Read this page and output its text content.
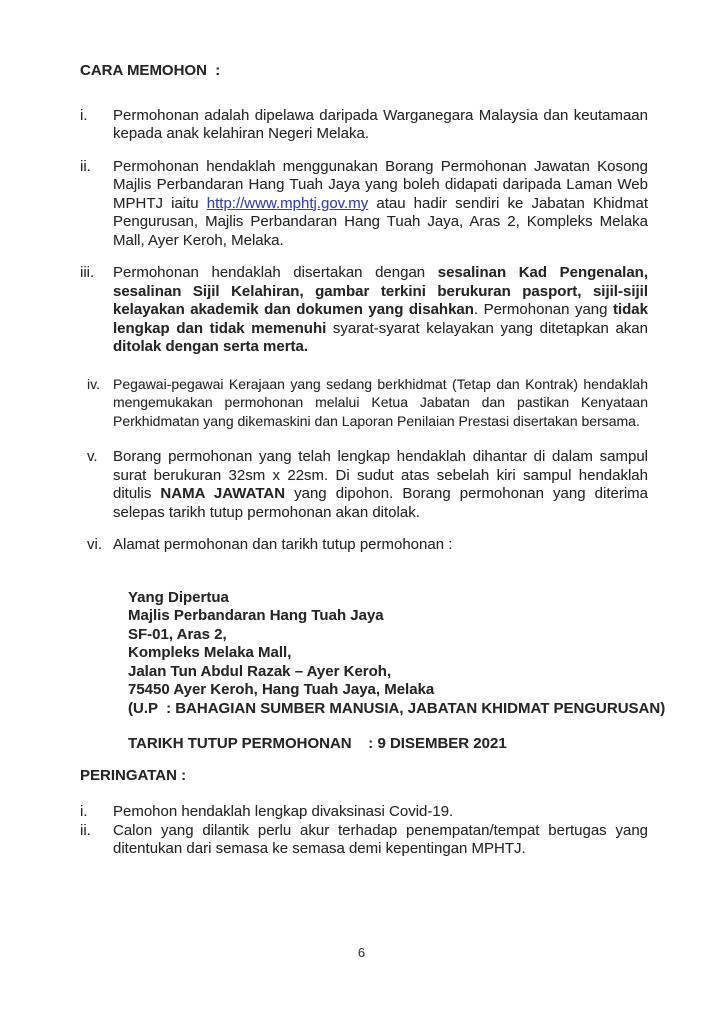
CARA MEMOHON  :
i.	Permohonan adalah dipelawa daripada Warganegara Malaysia dan keutamaan kepada anak kelahiran Negeri Melaka.
ii.	Permohonan hendaklah menggunakan Borang Permohonan Jawatan Kosong Majlis Perbandaran Hang Tuah Jaya yang boleh didapati daripada Laman Web MPHTJ iaitu http://www.mphtj.gov.my atau hadir sendiri ke Jabatan Khidmat Pengurusan, Majlis Perbandaran Hang Tuah Jaya, Aras 2, Kompleks Melaka Mall, Ayer Keroh, Melaka.
iii.	Permohonan hendaklah disertakan dengan sesalinan Kad Pengenalan, sesalinan Sijil Kelahiran, gambar terkini berukuran pasport, sijil-sijil kelayakan akademik dan dokumen yang disahkan. Permohonan yang tidak lengkap dan tidak memenuhi syarat-syarat kelayakan yang ditetapkan akan ditolak dengan serta merta.
iv. Pegawai-pegawai Kerajaan yang sedang berkhidmat (Tetap dan Kontrak) hendaklah mengemukakan permohonan melalui Ketua Jabatan dan pastikan Kenyataan Perkhidmatan yang dikemaskini dan Laporan Penilaian Prestasi disertakan bersama.
v.	Borang permohonan yang telah lengkap hendaklah dihantar di dalam sampul surat berukuran 32sm x 22sm. Di sudut atas sebelah kiri sampul hendaklah ditulis NAMA JAWATAN yang dipohon. Borang permohonan yang diterima selepas tarikh tutup permohonan akan ditolak.
vi. Alamat permohonan dan tarikh tutup permohonan :
Yang Dipertua
Majlis Perbandaran Hang Tuah Jaya
SF-01, Aras 2,
Kompleks Melaka Mall,
Jalan Tun Abdul Razak – Ayer Keroh,
75450 Ayer Keroh, Hang Tuah Jaya, Melaka
(U.P  : BAHAGIAN SUMBER MANUSIA, JABATAN KHIDMAT PENGURUSAN)
TARIKH TUTUP PERMOHONAN    : 9 DISEMBER 2021
PERINGATAN :
i.	Pemohon hendaklah lengkap divaksinasi Covid-19.
ii.	Calon yang dilantik perlu akur terhadap penempatan/tempat bertugas yang ditentukan dari semasa ke semasa demi kepentingan MPHTJ.
6
